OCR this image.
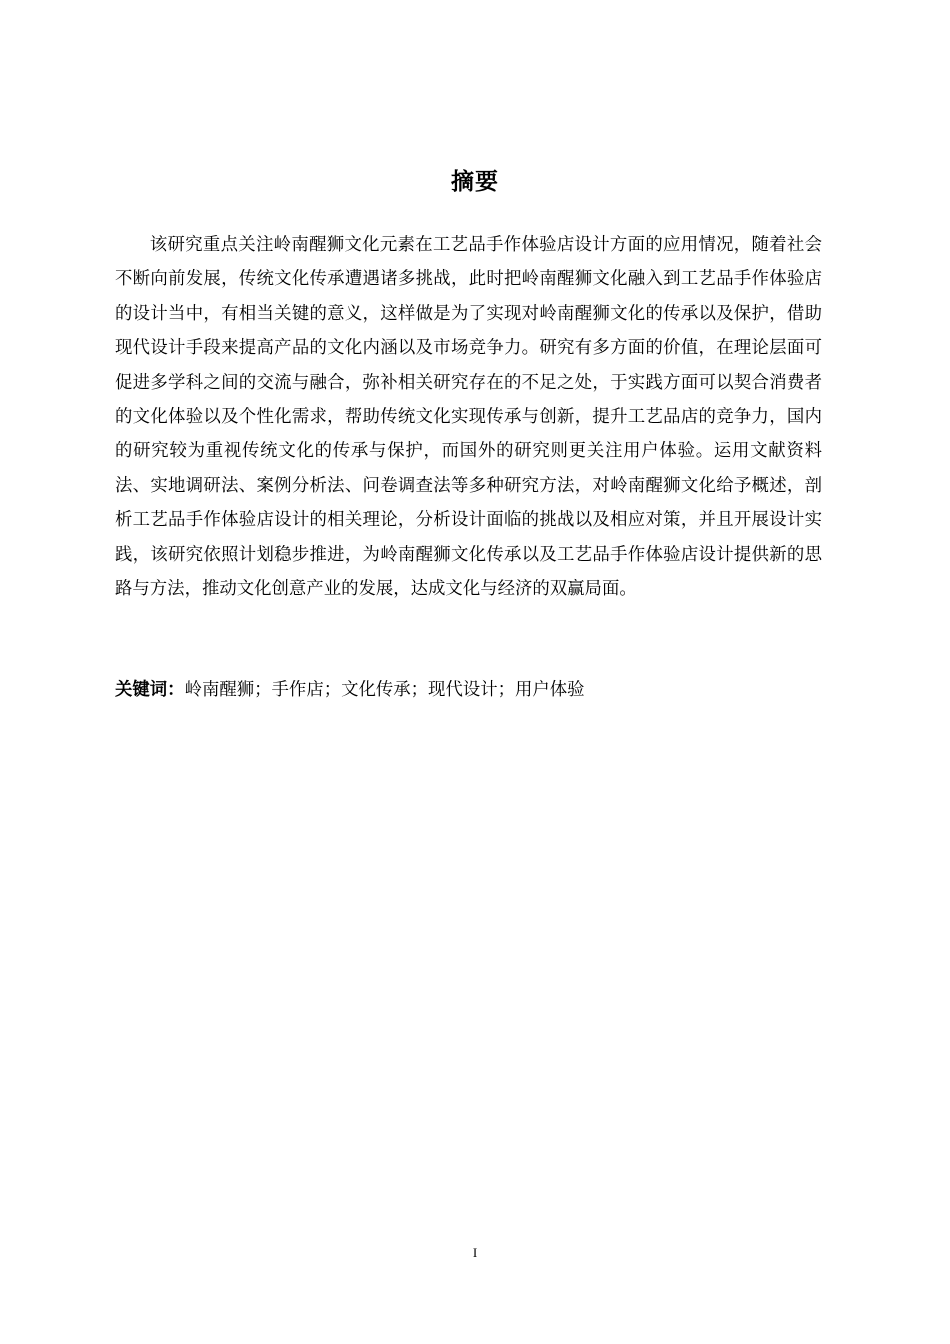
摘要

该研究重点关注岭南醒狮文化元素在工艺品手作体验店设计方面的应用情况，随着社会不断向前发展，传统文化传承遭遇诸多挑战，此时把岭南醒狮文化融入到工艺品手作体验店的设计当中，有相当关键的意义，这样做是为了实现对岭南醒狮文化的传承以及保护，借助现代设计手段来提高产品的文化内涵以及市场竞争力。研究有多方面的价值，在理论层面可促进多学科之间的交流与融合，弥补相关研究存在的不足之处，于实践方面可以契合消费者的文化体验以及个性化需求，帮助传统文化实现传承与创新，提升工艺品店的竞争力，国内的研究较为重视传统文化的传承与保护，而国外的研究则更关注用户体验。运用文献资料法、实地调研法、案例分析法、问卷调查法等多种研究方法，对岭南醒狮文化给予概述，剖析工艺品手作体验店设计的相关理论，分析设计面临的挑战以及相应对策，并且开展设计实践，该研究依照计划稳步推进，为岭南醒狮文化传承以及工艺品手作体验店设计提供新的思路与方法，推动文化创意产业的发展，达成文化与经济的双赢局面。

关键词：岭南醒狮；手作店；文化传承；现代设计；用户体验

I
